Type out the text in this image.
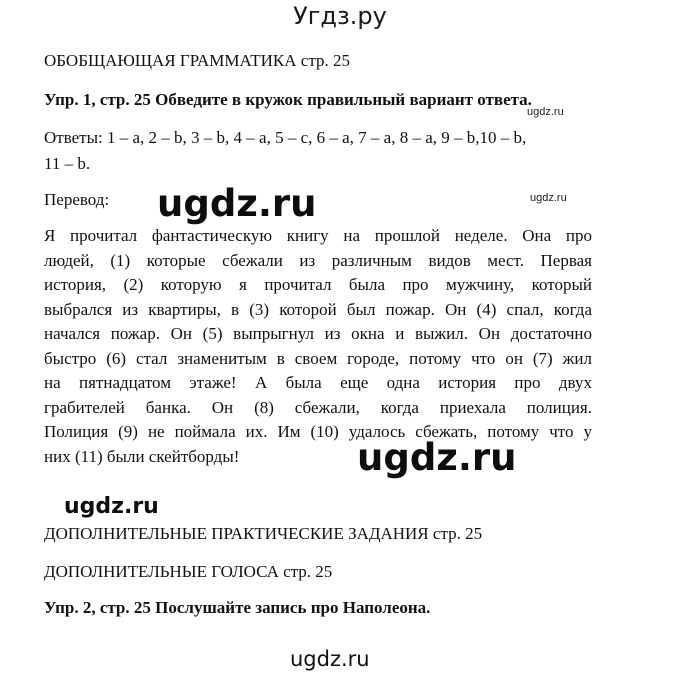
Угдз.ру
ОБОБЩАЮЩАЯ ГРАММАТИКА стр. 25
Упр. 1, стр. 25 Обведите в кружок правильный вариант ответа.
ugdz.ru
Ответы: 1 – a, 2 – b, 3 – b, 4 – a, 5 – c, 6 – a, 7 – a, 8 – a, 9 – b,10 – b,
11 – b.
Перевод: ugdz.ru	ugdz.ru
Я прочитал фантастическую книгу на прошлой неделе. Она про
людей, (1) которые сбежали из различным видов мест. Первая
история, (2) которую я прочитал была про мужчину, который
выбрался из квартиры, в (3) которой был пожар. Он (4) спал, когда
начался пожар. Он (5) выпрыгнул из окна и выжил. Он достаточно
быстро (6) стал знаменитым в своем городе, потому что он (7) жил
на пятнадцатом этаже! А была еще одна история про двух
грабителей банка. Он (8) сбежали, когда приехала полиция.
Полиция (9) не поймала их. Им (10) удалось сбежать, потому что у
них (11) были скейтборды!	ugdz.ru
ugdz.ru
ДОПОЛНИТЕЛЬНЫЕ ПРАКТИЧЕСКИЕ ЗАДАНИЯ стр. 25
ДОПОЛНИТЕЛЬНЫЕ ГОЛОСА стр. 25
Упр. 2, стр. 25 Послушайте запись про Наполеона.
ugdz.ru
